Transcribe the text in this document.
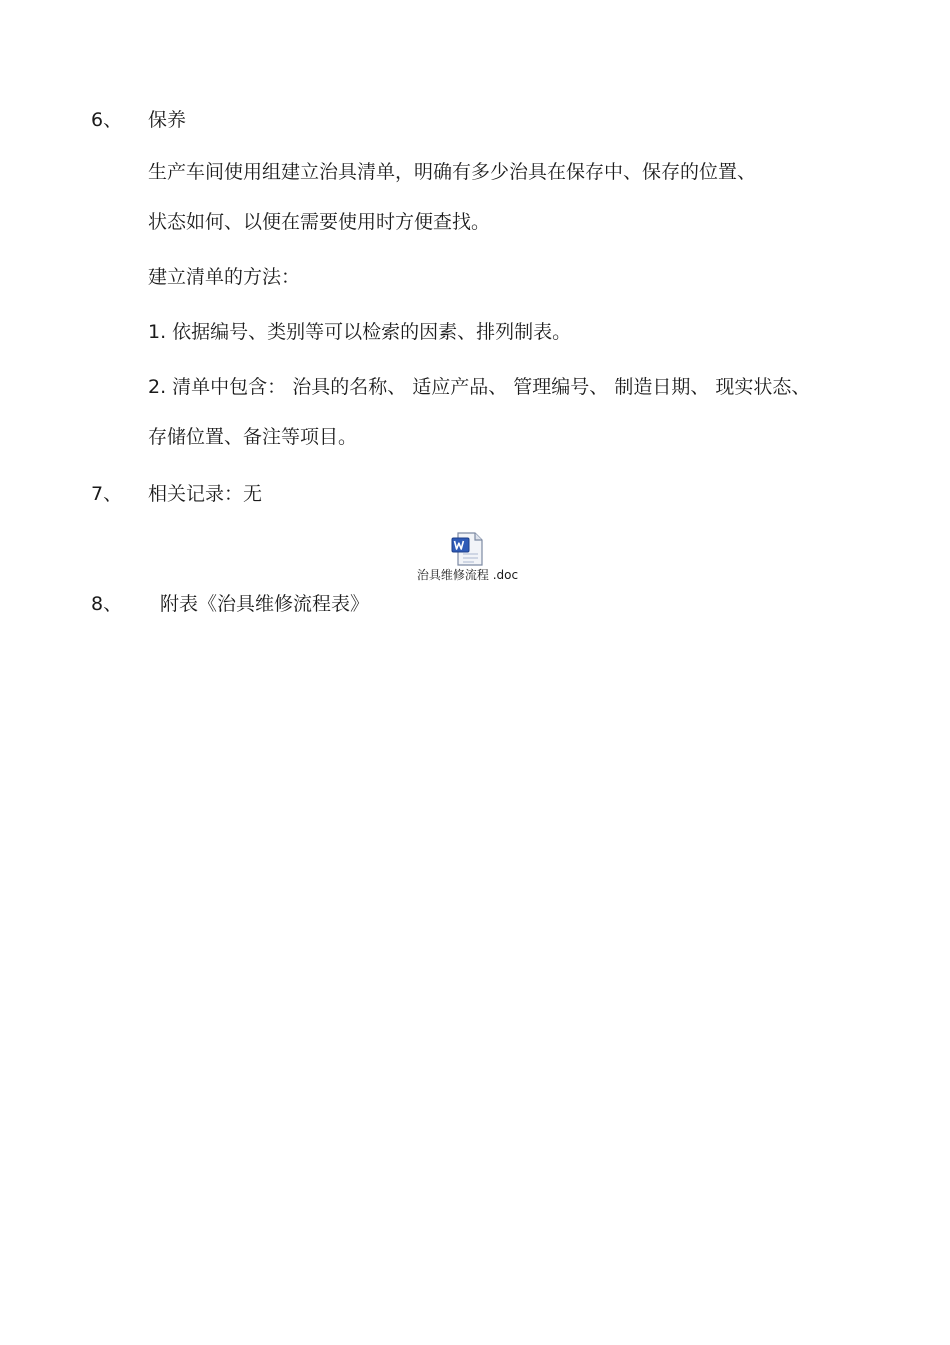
6、 保养
生产车间使用组建立治具清单，明确有多少治具在保存中、保存的位置、
状态如何、以便在需要使用时方便查找。
建立清单的方法：
1. 依据编号、类别等可以检索的因素、排列制表。
2. 清单中包含： 治具的名称、 适应产品、 管理编号、 制造日期、 现实状态、
存储位置、备注等项目。
7、 相关记录：无
治具维修流程 .doc
8、 附表《治具维修流程表》
